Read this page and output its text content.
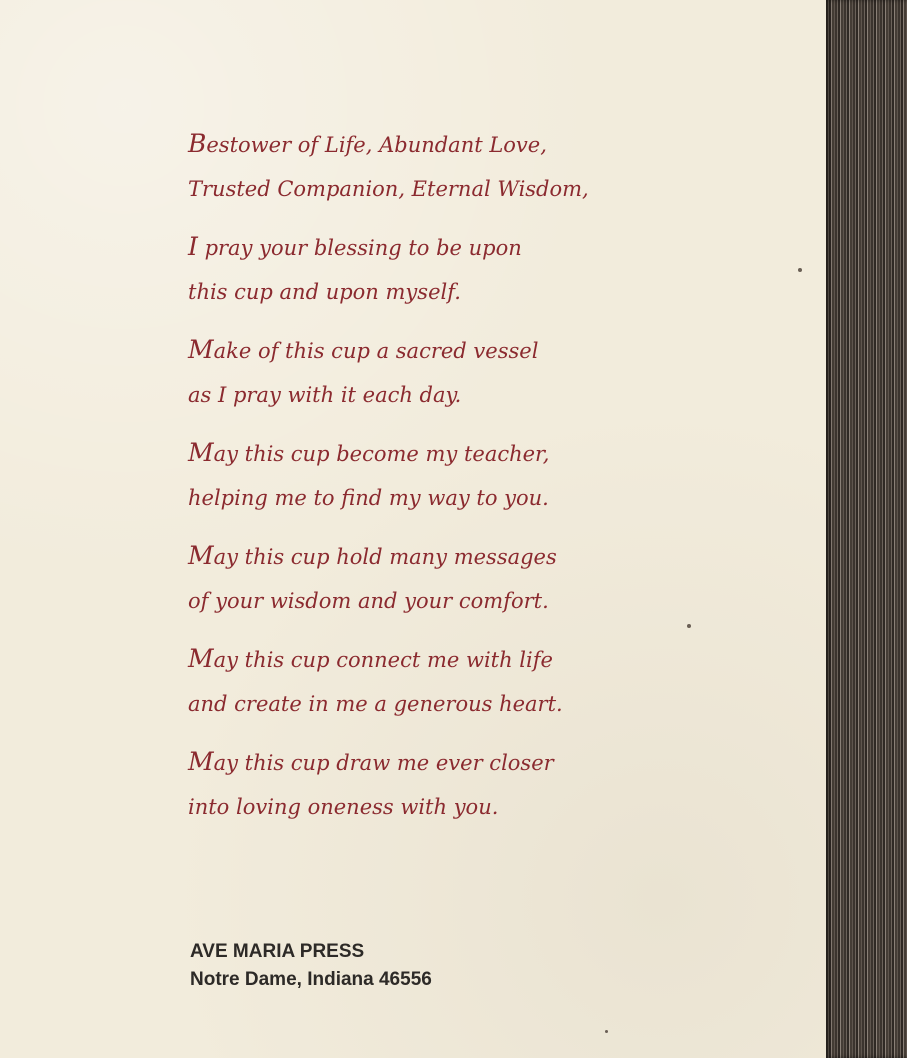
Bestower of Life, Abundant Love,
Trusted Companion, Eternal Wisdom,
I pray your blessing to be upon
this cup and upon myself.
Make of this cup a sacred vessel
as I pray with it each day.
May this cup become my teacher,
helping me to find my way to you.
May this cup hold many messages
of your wisdom and your comfort.
May this cup connect me with life
and create in me a generous heart.
May this cup draw me ever closer
into loving oneness with you.
AVE MARIA PRESS
Notre Dame, Indiana 46556
